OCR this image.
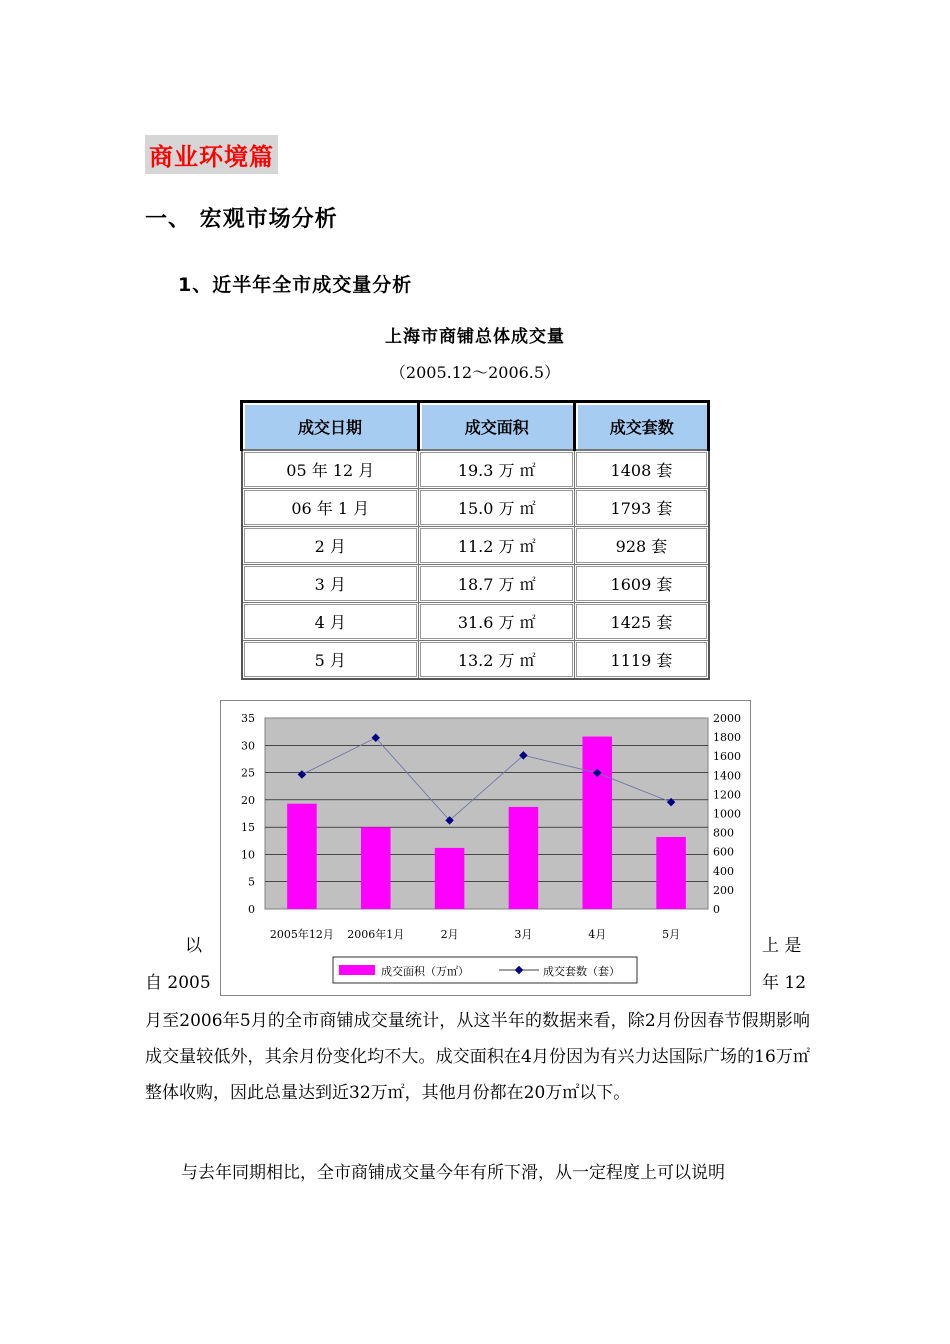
商业环境篇
一、 宏观市场分析
1、近半年全市成交量分析
上海市商铺总体成交量
（2005.12～2006.5）
成交日期	成交面积	成交套数
05 年 12 月	19.3 万 ㎡	1408 套
06 年 1 月	15.0 万 ㎡	1793 套
2 月	11.2 万 ㎡	928 套
3 月	18.7 万 ㎡	1609 套
4 月	31.6 万 ㎡	1425 套
5 月	13.2 万 ㎡	1119 套
0
5
10
15
20
25
30
35
0
200
400
600
800
1000
1200
1400
1600
1800
2000
2005年12月 2006年1月	2月	3月	4月	5月
成交面积（万㎡）	成交套数（套）
以	上 是
自 2005	年 12
月至2006年5月的全市商铺成交量统计，从这半年的数据来看，除2月份因春节假期影响成交量较低外，其余月份变化均不大。成交面积在4月份因为有兴力达国际广场的16万㎡整体收购，因此总量达到近32万㎡，其他月份都在20万㎡以下。
与去年同期相比，全市商铺成交量今年有所下滑，从一定程度上可以说明
